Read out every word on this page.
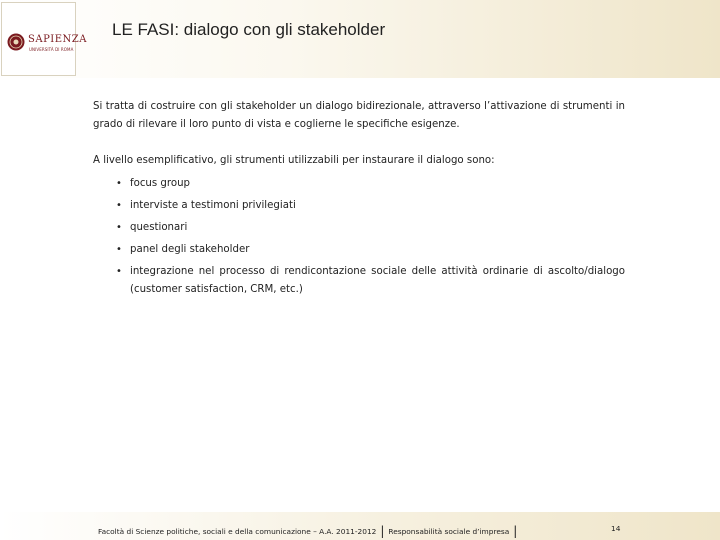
SAPIENZA
UNIVERSITÀ DI ROMA
LE FASI: dialogo con gli stakeholder

Si tratta di costruire con gli stakeholder un dialogo bidirezionale, attraverso l’attivazione di strumenti in grado di rilevare il loro punto di vista e coglierne le specifiche esigenze.

A livello esemplificativo, gli strumenti utilizzabili per instaurare il dialogo sono:

• focus group
• interviste a testimoni privilegiati
• questionari
• panel degli stakeholder
• integrazione nel processo di rendicontazione sociale delle attività ordinarie di ascolto/dialogo (customer satisfaction, CRM, etc.)
Facoltà di Scienze politiche, sociali e della comunicazione – A.A. 2011-2012 | Responsabilità sociale d’impresa |	14
